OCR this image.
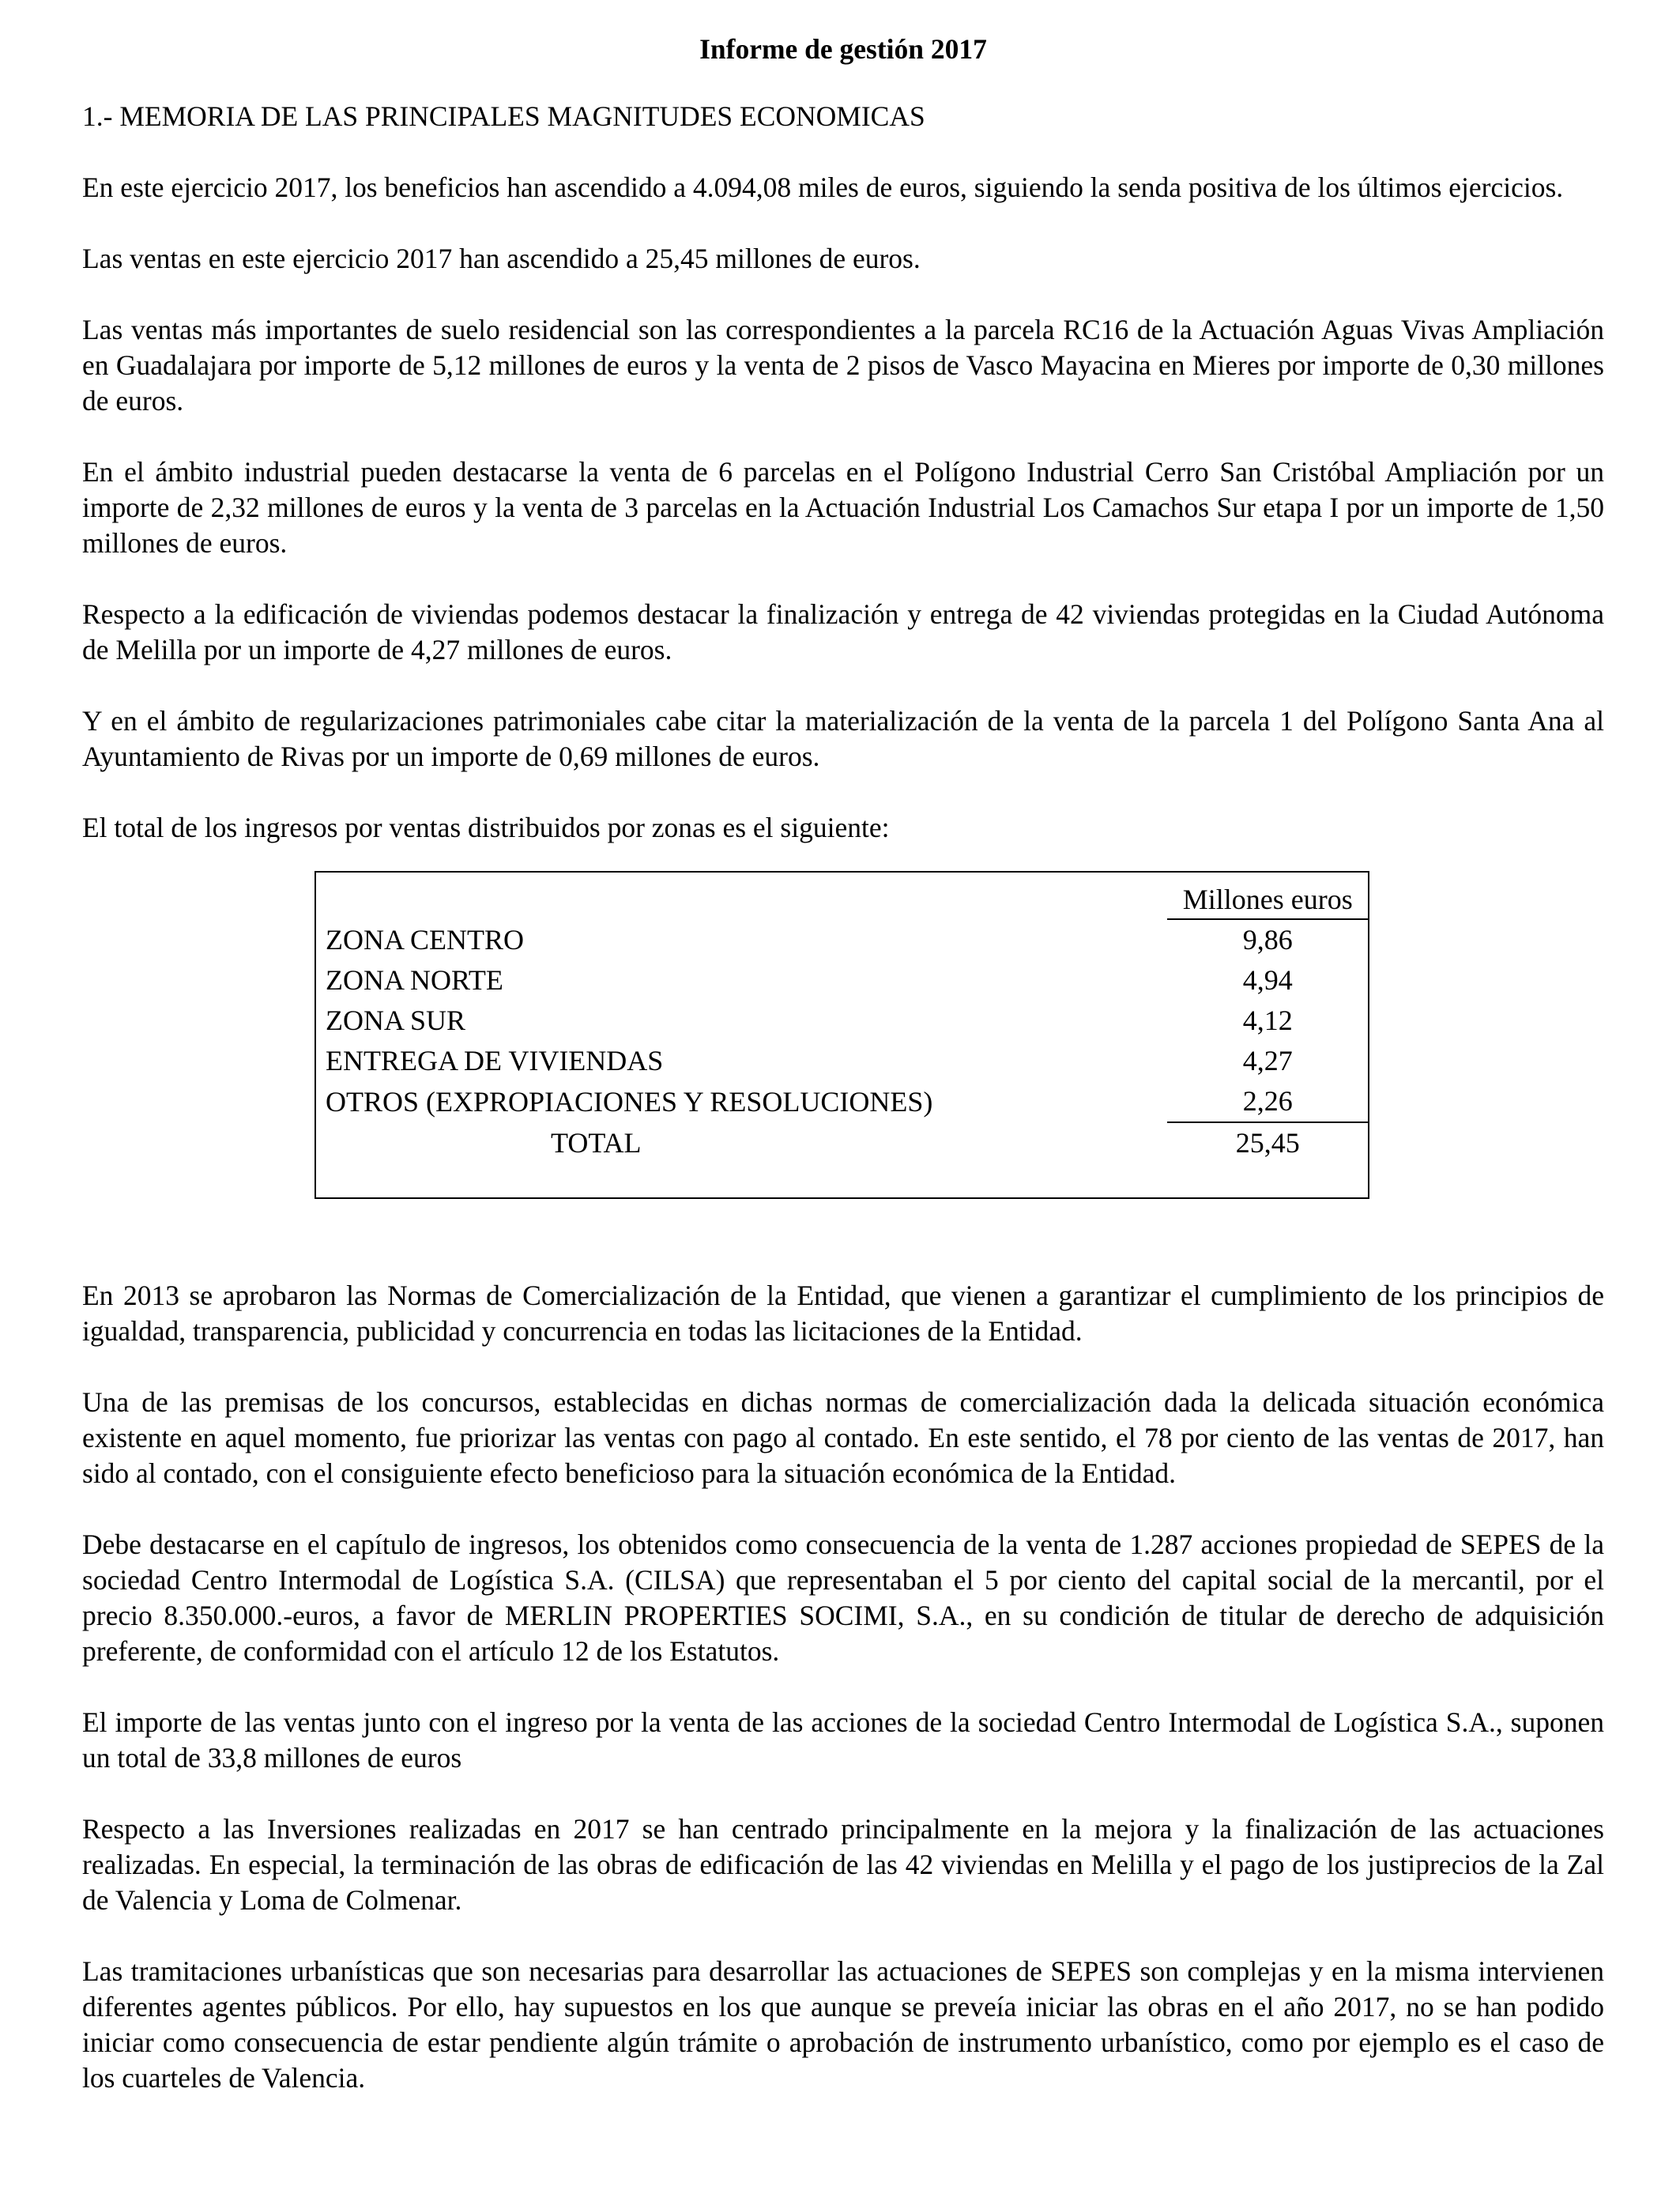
Informe de gestión 2017
1.- MEMORIA DE LAS PRINCIPALES MAGNITUDES ECONOMICAS

En este ejercicio 2017, los beneficios han ascendido a 4.094,08 miles de euros, siguiendo la senda positiva de los últimos ejercicios.

Las ventas en este ejercicio 2017 han ascendido a 25,45 millones de euros.

Las ventas más importantes de suelo residencial son las correspondientes a la parcela RC16 de la Actuación Aguas Vivas Ampliación en Guadalajara por importe de 5,12 millones de euros y la venta de 2 pisos de Vasco Mayacina en Mieres por importe de 0,30 millones de euros.

En el ámbito industrial pueden destacarse la venta de 6 parcelas en el Polígono Industrial Cerro San Cristóbal Ampliación por un importe de 2,32 millones de euros y la venta de 3 parcelas en la Actuación Industrial Los Camachos Sur etapa I por un importe de 1,50 millones de euros.

Respecto a la edificación de viviendas podemos destacar la finalización y entrega de 42 viviendas protegidas en la Ciudad Autónoma de Melilla por un importe de 4,27 millones de euros.

Y en el ámbito de regularizaciones patrimoniales cabe citar la materialización de la venta de la parcela 1 del Polígono Santa Ana al Ayuntamiento de Rivas por un importe de 0,69 millones de euros.

El total de los ingresos por ventas distribuidos por zonas es el siguiente:

	Millones euros
ZONA CENTRO	9,86
ZONA NORTE	4,94
ZONA SUR	4,12
ENTREGA DE VIVIENDAS	4,27
OTROS (EXPROPIACIONES Y RESOLUCIONES)	2,26
TOTAL	25,45

En 2013 se aprobaron las Normas de Comercialización de la Entidad, que vienen a garantizar el cumplimiento de los principios de igualdad, transparencia, publicidad y concurrencia en todas las licitaciones de la Entidad.

Una de las premisas de los concursos, establecidas en dichas normas de comercialización dada la delicada situación económica existente en aquel momento, fue priorizar las ventas con pago al contado. En este sentido, el 78 por ciento de las ventas de 2017, han sido al contado, con el consiguiente efecto beneficioso para la situación económica de la Entidad.

Debe destacarse en el capítulo de ingresos, los obtenidos como consecuencia de la venta de 1.287 acciones propiedad de SEPES de la sociedad Centro Intermodal de Logística S.A. (CILSA) que representaban el 5 por ciento del capital social de la mercantil, por el precio 8.350.000.-euros, a favor de MERLIN PROPERTIES SOCIMI, S.A., en su condición de titular de derecho de adquisición preferente, de conformidad con el artículo 12 de los Estatutos.

El importe de las ventas junto con el ingreso por la venta de las acciones de la sociedad Centro Intermodal de Logística S.A., suponen un total de 33,8 millones de euros

Respecto a las Inversiones realizadas en 2017 se han centrado principalmente en la mejora y la finalización de las actuaciones realizadas. En especial, la terminación de las obras de edificación de las 42 viviendas en Melilla y el pago de los justiprecios de la Zal de Valencia y Loma de Colmenar.

Las tramitaciones urbanísticas que son necesarias para desarrollar las actuaciones de SEPES son complejas y en la misma intervienen diferentes agentes públicos. Por ello, hay supuestos en los que aunque se preveía iniciar las obras en el año 2017, no se han podido iniciar como consecuencia de estar pendiente algún trámite o aprobación de instrumento urbanístico, como por ejemplo es el caso de los cuarteles de Valencia.
